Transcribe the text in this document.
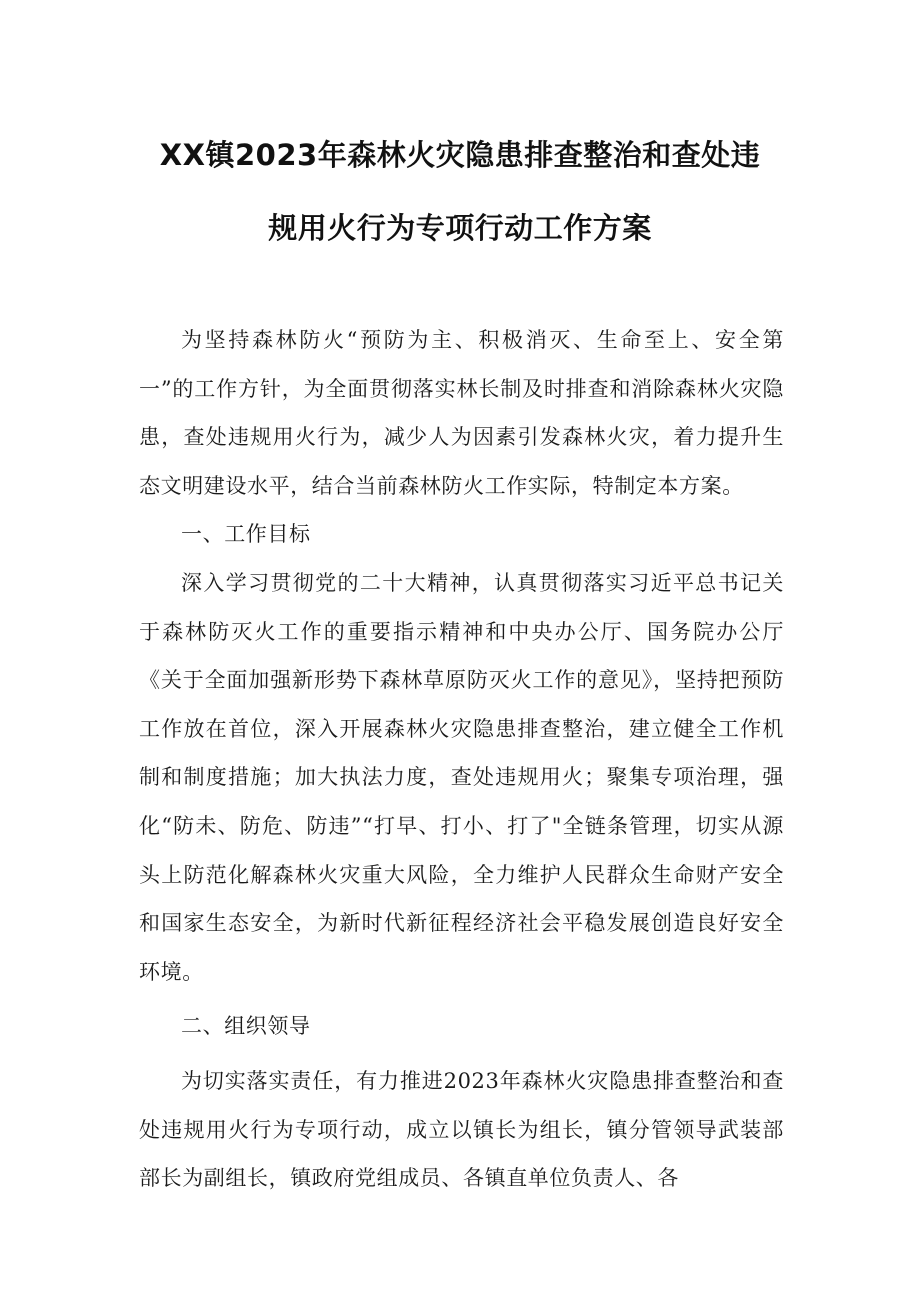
XX镇2023年森林火灾隐患排查整治和查处违
规用火行为专项行动工作方案

为坚持森林防火“预防为主、积极消灭、生命至上、安全第一”的工作方针，为全面贯彻落实林长制及时排查和消除森林火灾隐患，查处违规用火行为，减少人为因素引发森林火灾，着力提升生态文明建设水平，结合当前森林防火工作实际，特制定本方案。

一、工作目标

深入学习贯彻党的二十大精神，认真贯彻落实习近平总书记关于森林防灭火工作的重要指示精神和中央办公厅、国务院办公厅《关于全面加强新形势下森林草原防灭火工作的意见》，坚持把预防工作放在首位，深入开展森林火灾隐患排查整治，建立健全工作机制和制度措施；加大执法力度，查处违规用火；聚集专项治理，强化“防未、防危、防违”“打早、打小、打了"全链条管理，切实从源头上防范化解森林火灾重大风险，全力维护人民群众生命财产安全和国家生态安全，为新时代新征程经济社会平稳发展创造良好安全环境。

二、组织领导

为切实落实责任，有力推进2023年森林火灾隐患排查整治和查处违规用火行为专项行动，成立以镇长为组长，镇分管领导武装部部长为副组长，镇政府党组成员、各镇直单位负责人、各
